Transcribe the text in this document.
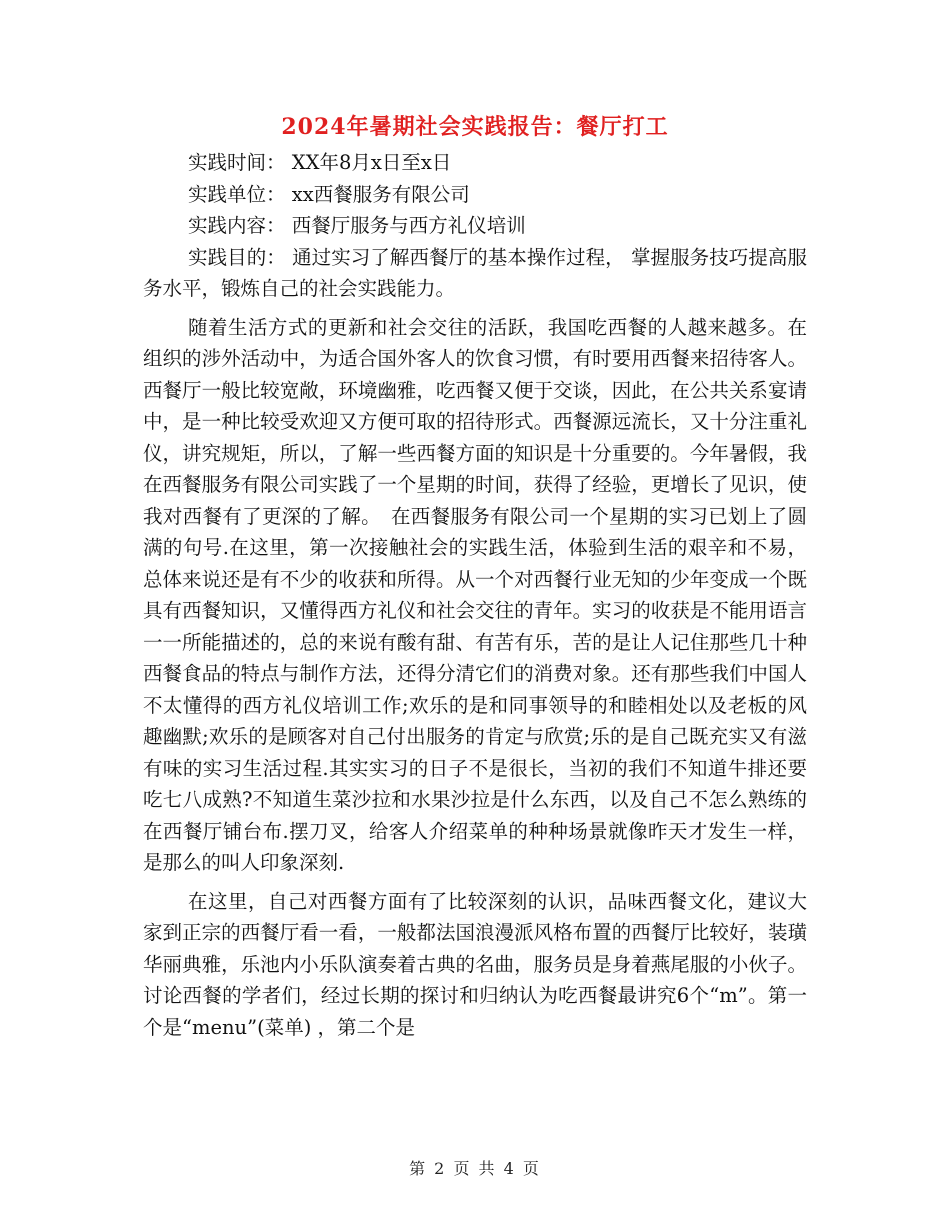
2024年暑期社会实践报告：餐厅打工

实践时间： XX年8月x日至x日

实践单位： xx西餐服务有限公司

实践内容： 西餐厅服务与西方礼仪培训

实践目的： 通过实习了解西餐厅的基本操作过程， 掌握服务技巧提高服务水平，锻炼自己的社会实践能力。

随着生活方式的更新和社会交往的活跃，我国吃西餐的人越来越多。在组织的涉外活动中，为适合国外客人的饮食习惯，有时要用西餐来招待客人。西餐厅一般比较宽敞，环境幽雅，吃西餐又便于交谈，因此，在公共关系宴请中，是一种比较受欢迎又方便可取的招待形式。西餐源远流长，又十分注重礼仪，讲究规矩，所以，了解一些西餐方面的知识是十分重要的。今年暑假，我在西餐服务有限公司实践了一个星期的时间，获得了经验，更增长了见识，使我对西餐有了更深的了解。　在西餐服务有限公司一个星期的实习已划上了圆满的句号.在这里，第一次接触社会的实践生活，体验到生活的艰辛和不易，总体来说还是有不少的收获和所得。从一个对西餐行业无知的少年变成一个既具有西餐知识，又懂得西方礼仪和社会交往的青年。实习的收获是不能用语言一一所能描述的，总的来说有酸有甜、有苦有乐，苦的是让人记住那些几十种西餐食品的特点与制作方法，还得分清它们的消费对象。还有那些我们中国人不太懂得的西方礼仪培训工作;欢乐的是和同事领导的和睦相处以及老板的风趣幽默;欢乐的是顾客对自己付出服务的肯定与欣赏;乐的是自己既充实又有滋有味的实习生活过程.其实实习的日子不是很长，当初的我们不知道牛排还要吃七八成熟?不知道生菜沙拉和水果沙拉是什么东西，以及自己不怎么熟练的在西餐厅铺台布.摆刀叉，给客人介绍菜单的种种场景就像昨天才发生一样，是那么的叫人印象深刻.

在这里，自己对西餐方面有了比较深刻的认识，品味西餐文化，建议大家到正宗的西餐厅看一看，一般都法国浪漫派风格布置的西餐厅比较好，装璜华丽典雅，乐池内小乐队演奏着古典的名曲，服务员是身着燕尾服的小伙子。讨论西餐的学者们，经过长期的探讨和归纳认为吃西餐最讲究6个“m”。第一个是“menu”(菜单) ，第二个是

第 2 页 共 4 页
